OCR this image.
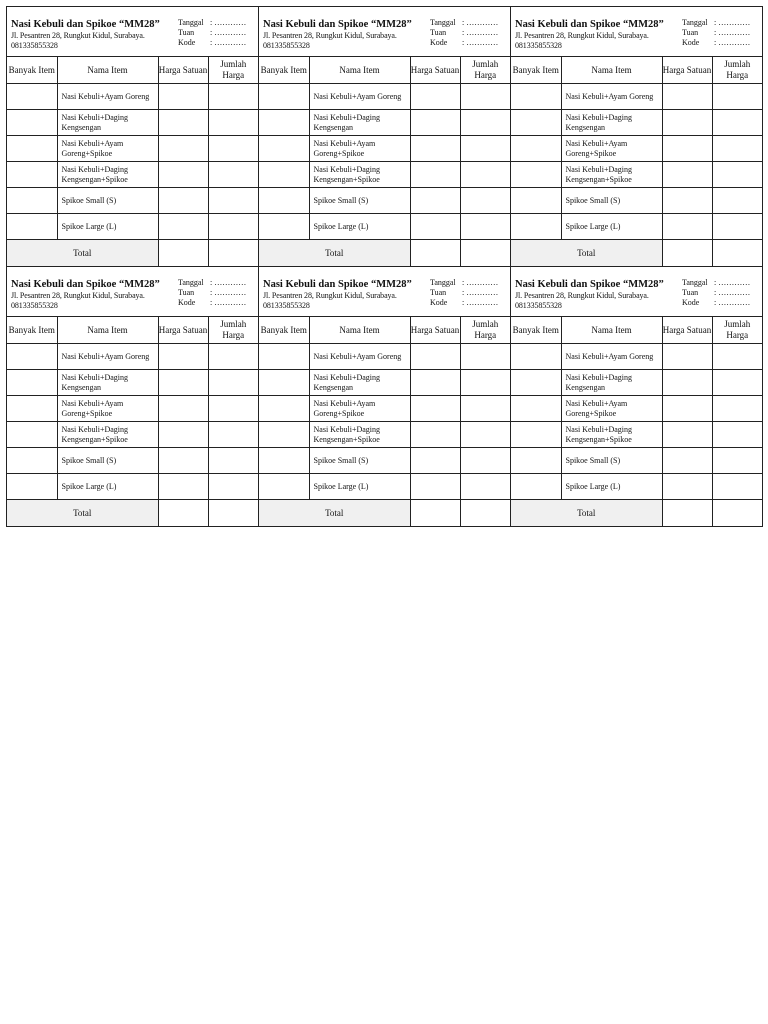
Nasi Kebuli dan Spikoe “MM28”
Jl. Pesantren 28, Rungkut Kidul, Surabaya.
081335855328
Tanggal : …………
Tuan	: …………
Kode	: …………
Banyak Item	Nama Item	Harga Satuan	Jumlah Harga
	Nasi Kebuli+Ayam Goreng		
	Nasi Kebuli+Daging Kengsengan		
	Nasi Kebuli+Ayam Goreng+Spikoe		
	Nasi Kebuli+Daging Kengsengan+Spikoe		
	Spikoe Small (S)		
	Spikoe Large (L)		
Total			
Nasi Kebuli dan Spikoe “MM28”
Jl. Pesantren 28, Rungkut Kidul, Surabaya.
081335855328
Tanggal : …………
Tuan	: …………
Kode	: …………
Banyak Item	Nama Item	Harga Satuan	Jumlah Harga
	Nasi Kebuli+Ayam Goreng		
	Nasi Kebuli+Daging Kengsengan		
	Nasi Kebuli+Ayam Goreng+Spikoe		
	Nasi Kebuli+Daging Kengsengan+Spikoe		
	Spikoe Small (S)		
	Spikoe Large (L)		
Total			
Nasi Kebuli dan Spikoe “MM28”
Jl. Pesantren 28, Rungkut Kidul, Surabaya.
081335855328
Tanggal : …………
Tuan	: …………
Kode	: …………
Banyak Item	Nama Item	Harga Satuan	Jumlah Harga
	Nasi Kebuli+Ayam Goreng		
	Nasi Kebuli+Daging Kengsengan		
	Nasi Kebuli+Ayam Goreng+Spikoe		
	Nasi Kebuli+Daging Kengsengan+Spikoe		
	Spikoe Small (S)		
	Spikoe Large (L)		
Total			
Nasi Kebuli dan Spikoe “MM28”
Jl. Pesantren 28, Rungkut Kidul, Surabaya.
081335855328
Tanggal : …………
Tuan	: …………
Kode	: …………
Banyak Item	Nama Item	Harga Satuan	Jumlah Harga
	Nasi Kebuli+Ayam Goreng		
	Nasi Kebuli+Daging Kengsengan		
	Nasi Kebuli+Ayam Goreng+Spikoe		
	Nasi Kebuli+Daging Kengsengan+Spikoe		
	Spikoe Small (S)		
	Spikoe Large (L)		
Total			
Nasi Kebuli dan Spikoe “MM28”
Jl. Pesantren 28, Rungkut Kidul, Surabaya.
081335855328
Tanggal : …………
Tuan	: …………
Kode	: …………
Banyak Item	Nama Item	Harga Satuan	Jumlah Harga
	Nasi Kebuli+Ayam Goreng		
	Nasi Kebuli+Daging Kengsengan		
	Nasi Kebuli+Ayam Goreng+Spikoe		
	Nasi Kebuli+Daging Kengsengan+Spikoe		
	Spikoe Small (S)		
	Spikoe Large (L)		
Total			
Nasi Kebuli dan Spikoe “MM28”
Jl. Pesantren 28, Rungkut Kidul, Surabaya.
081335855328
Tanggal : …………
Tuan	: …………
Kode	: …………
Banyak Item	Nama Item	Harga Satuan	Jumlah Harga
	Nasi Kebuli+Ayam Goreng		
	Nasi Kebuli+Daging Kengsengan		
	Nasi Kebuli+Ayam Goreng+Spikoe		
	Nasi Kebuli+Daging Kengsengan+Spikoe		
	Spikoe Small (S)		
	Spikoe Large (L)		
Total			
